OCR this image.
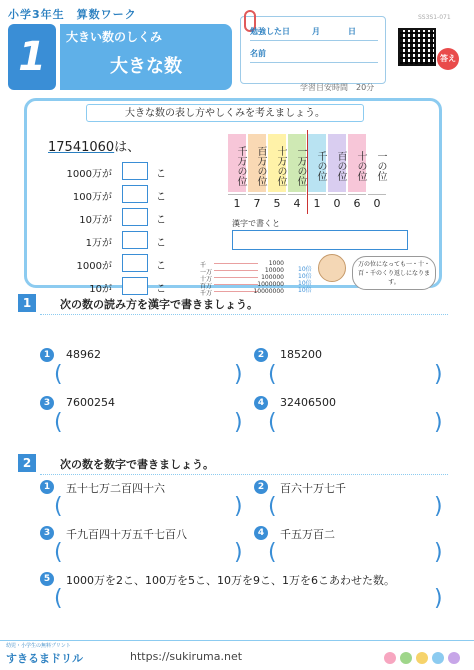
小学3年生　算数ワーク
1	大きい数のしくみ
大きな数
SS3S1-071
勉強した日	月	日
名前
答え
学習目安時間　20分
大きな数の表し方やしくみを考えましょう。
17541060は、
1000万が	こ
100万が	こ
10万が	こ
1万が	こ
1000が	こ
10が	こ
千万の位
1
百万の位
7
十万の位
5
一万の位
4
千の位
1
百の位
0
十の位
6
一の位
0
漢字で書くと
千	1000
一万	10000 10倍
十万	100000 10倍
百万	1000000 10倍
千万	10000000 10倍
万の位になっても一・十・百・千のくり返しになります。
1	次の数の読み方を漢字で書きましょう。
1	48962
(	)
2	185200
(	)
3	7600254
(	)
4	32406500
(	)
2	次の数を数字で書きましょう。
1	五十七万二百四十六
(	)
2	百六十万七千
(	)
3	千九百四十万五千七百八
(	)
4	千五万百二
(	)
5	1000万を2こ、100万を5こ、10万を9こ、1万を6こあわせた数。
(	)
幼児・小学生の無料プリント
すきるまドリル	https://sukiruma.net
